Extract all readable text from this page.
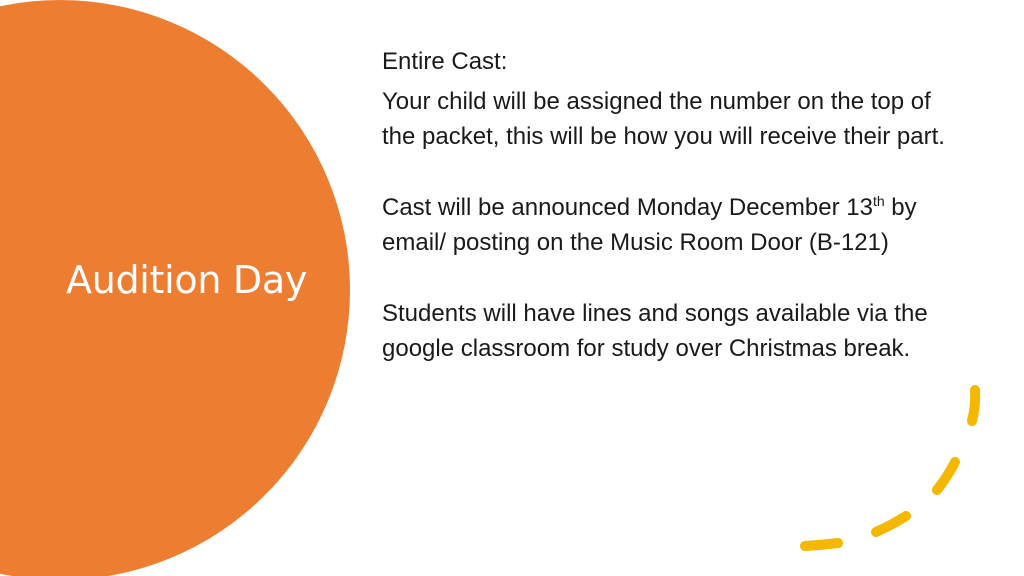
Audition Day

Entire Cast:

Your child will be assigned the number on the top of the packet, this will be how you will receive their part.

Cast will be announced Monday December 13th by email/ posting on the Music Room Door (B-121)

Students will have lines and songs available via the google classroom for study over Christmas break.
